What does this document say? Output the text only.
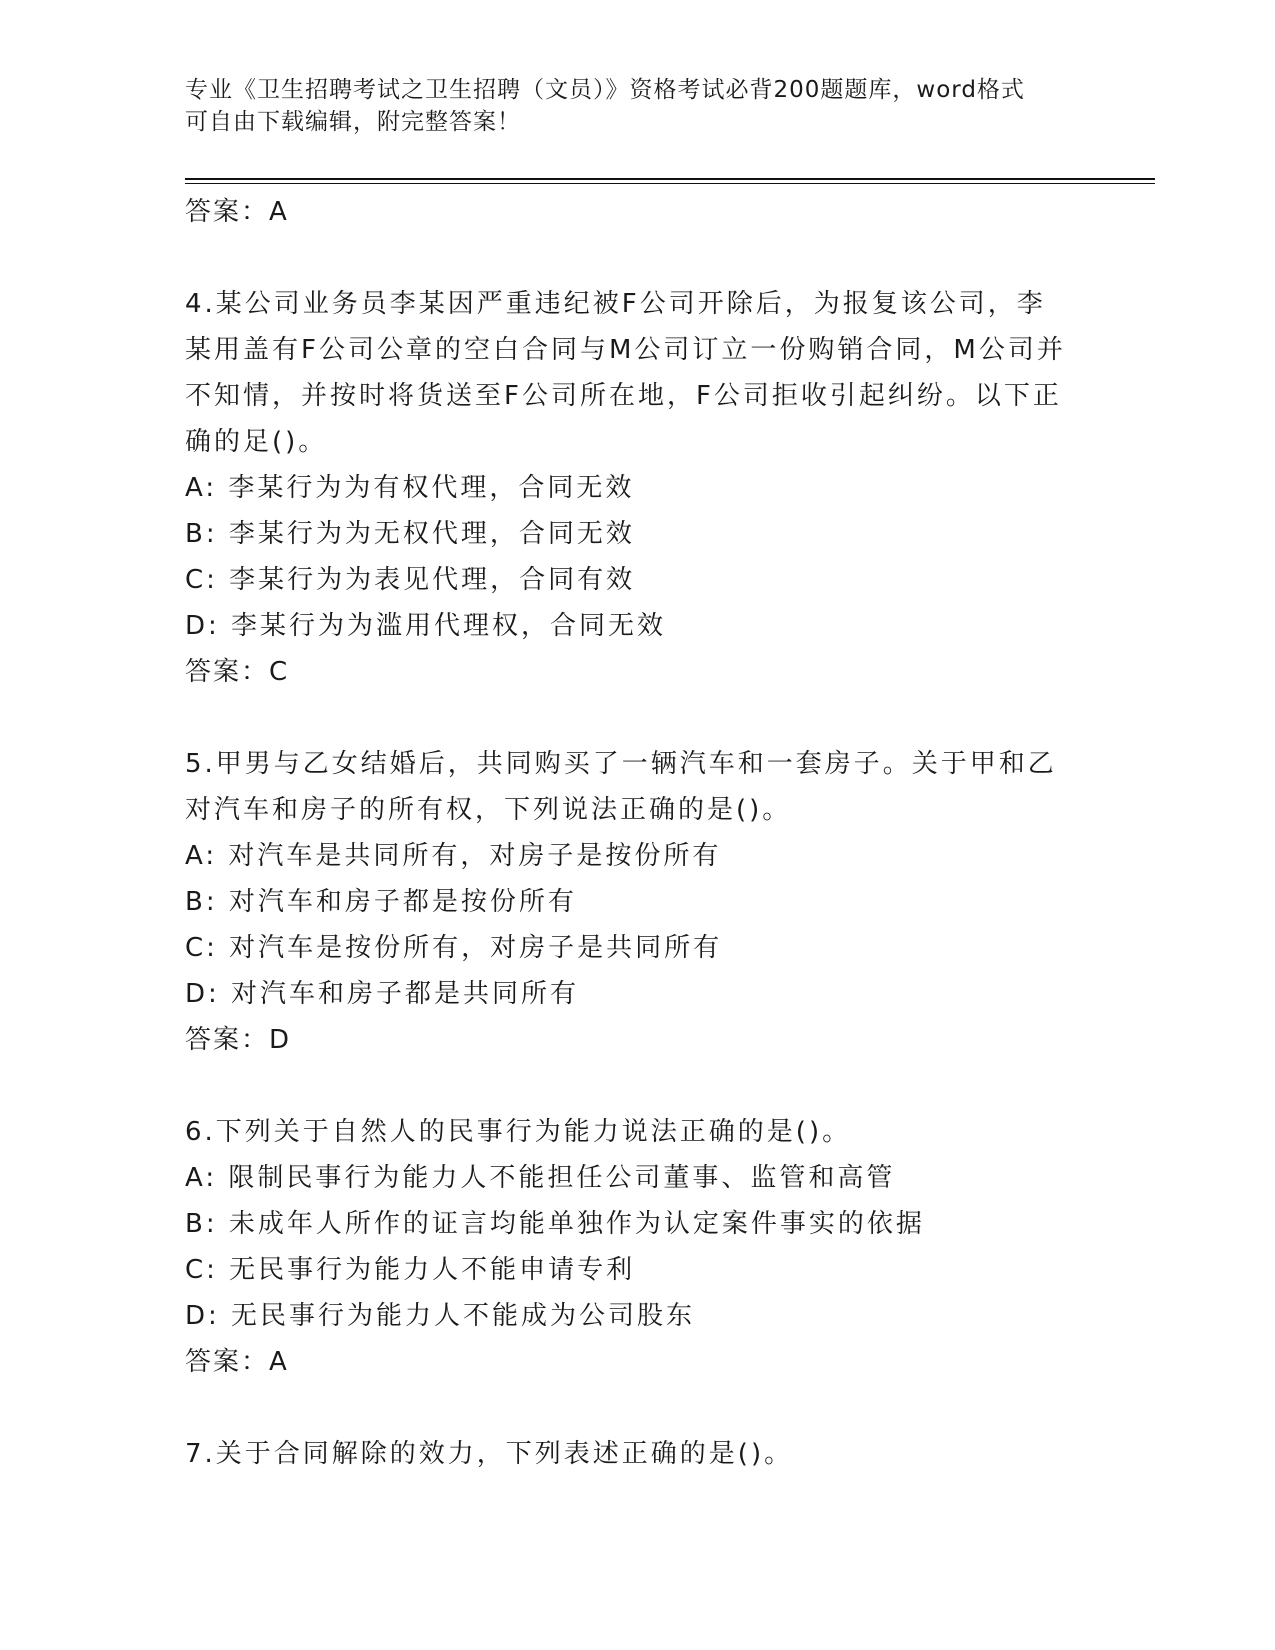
专业《卫生招聘考试之卫生招聘（文员）》资格考试必背200题题库，word格式
可自由下载编辑，附完整答案！
答案：A
4.某公司业务员李某因严重违纪被F公司开除后，为报复该公司，李
某用盖有F公司公章的空白合同与M公司订立一份购销合同，M公司并
不知情，并按时将货送至F公司所在地，F公司拒收引起纠纷。以下正
确的足()。
A: 李某行为为有权代理，合同无效
B: 李某行为为无权代理，合同无效
C: 李某行为为表见代理，合同有效
D: 李某行为为滥用代理权，合同无效
答案：C
5.甲男与乙女结婚后，共同购买了一辆汽车和一套房子。关于甲和乙
对汽车和房子的所有权，下列说法正确的是()。
A: 对汽车是共同所有，对房子是按份所有
B: 对汽车和房子都是按份所有
C: 对汽车是按份所有，对房子是共同所有
D: 对汽车和房子都是共同所有
答案：D
6.下列关于自然人的民事行为能力说法正确的是()。
A: 限制民事行为能力人不能担任公司董事、监管和高管
B: 未成年人所作的证言均能单独作为认定案件事实的依据
C: 无民事行为能力人不能申请专利
D: 无民事行为能力人不能成为公司股东
答案：A
7.关于合同解除的效力，下列表述正确的是()。
